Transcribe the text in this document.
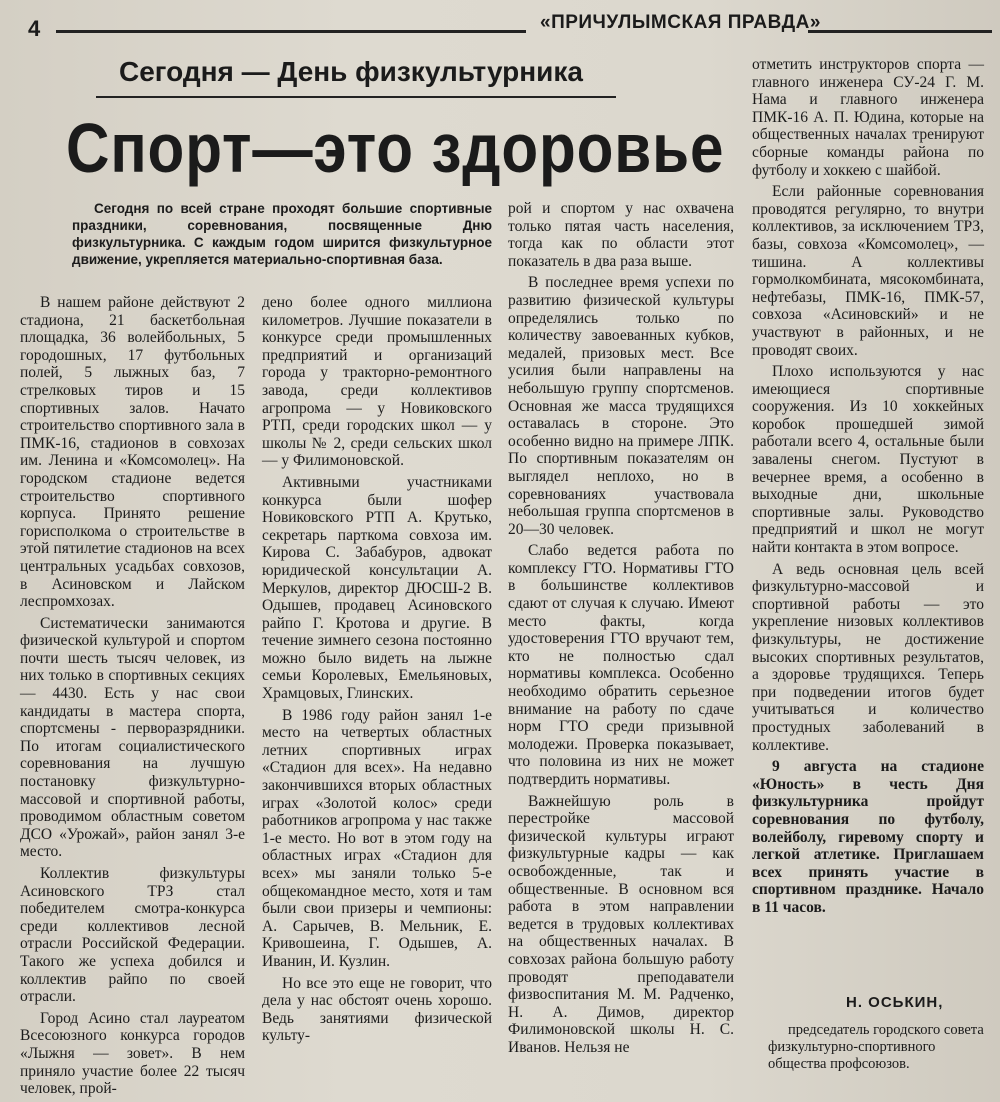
4	«ПРИЧУЛЫМСКАЯ ПРАВДА»
Сегодня — День физкультурника
Спорт—это здоровье

Сегодня по всей стране проходят большие спортивные праздники, соревнования, посвященные Дню физкультурника. С каждым годом ширится физкультурное движение, укрепляется материально-спортивная база.

В нашем районе действуют 2 стадиона, 21 баскетбольная площадка, 36 волейбольных, 5 городошных, 17 футбольных полей, 5 лыжных баз, 7 стрелковых тиров и 15 спортивных залов. Начато строительство спортивного зала в ПМК-16, стадионов в совхозах им. Ленина и «Комсомолец». На городском стадионе ведется строительство спортивного корпуса. Принято решение горисполкома о строительстве в этой пятилетие стадионов на всех центральных усадьбах совхозов, в Асиновском и Лайском леспромхозах.

Систематически занимаются физической культурой и спортом почти шесть тысяч человек, из них только в спортивных секциях — 4430. Есть у нас свои кандидаты в мастера спорта, спортсмены - перворазрядники. По итогам социалистического соревнования на лучшую постановку физкультурно-массовой и спортивной работы, проводимом областным советом ДСО «Урожай», район занял 3-е место.

Коллектив физкультуры Асиновского ТРЗ стал победителем смотра-конкурса среди коллективов лесной отрасли Российской Федерации. Такого же успеха добился и коллектив райпо по своей отрасли.

Город Асино стал лауреатом Всесоюзного конкурса городов «Лыжня — зовет». В нем приняло участие более 22 тысяч человек, прой-

дено более одного миллиона километров. Лучшие показатели в конкурсе среди промышленных предприятий и организаций города у тракторно-ремонтного завода, среди коллективов агропрома — у Новиковского РТП, среди городских школ — у школы № 2, среди сельских школ — у Филимоновской.

Активными участниками конкурса были шофер Новиковского РТП А. Крутько, секретарь парткома совхоза им. Кирова С. Забабуров, адвокат юридической консультации А. Меркулов, директор ДЮСШ-2 В. Одышев, продавец Асиновского райпо Г. Кротова и другие. В течение зимнего сезона постоянно можно было видеть на лыжне семьи Королевых, Емельяновых, Храмцовых, Глинских.

В 1986 году район занял 1-е место на четвертых областных летних спортивных играх «Стадион для всех». На недавно закончившихся вторых областных играх «Золотой колос» среди работников агропрома у нас также 1-е место. Но вот в этом году на областных играх «Стадион для всех» мы заняли только 5-е общекомандное место, хотя и там были свои призеры и чемпионы: А. Сарычев, В. Мельник, Е. Кривошеина, Г. Одышев, А. Иванин, И. Кузлин.

Но все это еще не говорит, что дела у нас обстоят очень хорошо. Ведь занятиями физической культу-

рой и спортом у нас охвачена только пятая часть населения, тогда как по области этот показатель в два раза выше.

В последнее время успехи по развитию физической культуры определялись только по количеству завоеванных кубков, медалей, призовых мест. Все усилия были направлены на небольшую группу спортсменов. Основная же масса трудящихся оставалась в стороне. Это особенно видно на примере ЛПК. По спортивным показателям он выглядел неплохо, но в соревнованиях участвовала небольшая группа спортсменов в 20—30 человек.

Слабо ведется работа по комплексу ГТО. Нормативы ГТО в большинстве коллективов сдают от случая к случаю. Имеют место факты, когда удостоверения ГТО вручают тем, кто не полностью сдал нормативы комплекса. Особенно необходимо обратить серьезное внимание на работу по сдаче норм ГТО среди призывной молодежи. Проверка показывает, что половина из них не может подтвердить нормативы.

Важнейшую роль в перестройке массовой физической культуры играют физкультурные кадры — как освобожденные, так и общественные. В основном вся работа в этом направлении ведется в трудовых коллективах на общественных началах. В совхозах района большую работу проводят преподаватели физвоспитания М. М. Радченко, Н. А. Димов, директор Филимоновской школы Н. С. Иванов. Нельзя не

отметить инструкторов спорта — главного инженера СУ-24 Г. М. Нама и главного инженера ПМК-16 А. П. Юдина, которые на общественных началах тренируют сборные команды района по футболу и хоккею с шайбой.

Если районные соревнования проводятся регулярно, то внутри коллективов, за исключением ТРЗ, базы, совхоза «Комсомолец», — тишина. А коллективы гормолкомбината, мясокомбината, нефтебазы, ПМК-16, ПМК-57, совхоза «Асиновский» и не участвуют в районных, и не проводят своих.

Плохо используются у нас имеющиеся спортивные сооружения. Из 10 хоккейных коробок прошедшей зимой работали всего 4, остальные были завалены снегом. Пустуют в вечернее время, а особенно в выходные дни, школьные спортивные залы. Руководство предприятий и школ не могут найти контакта в этом вопросе.

А ведь основная цель всей физкультурно-массовой и спортивной работы — это укрепление низовых коллективов физкультуры, не достижение высоких спортивных результатов, а здоровье трудящихся. Теперь при подведении итогов будет учитываться и количество простудных заболеваний в коллективе.

9 августа на стадионе «Юность» в честь Дня физкультурника пройдут соревнования по футболу, волейболу, гиревому спорту и легкой атлетике. Приглашаем всех принять участие в спортивном празднике. Начало в 11 часов.

Н. ОСЬКИН,
председатель городского совета физкультурно-спортивного общества профсоюзов.
